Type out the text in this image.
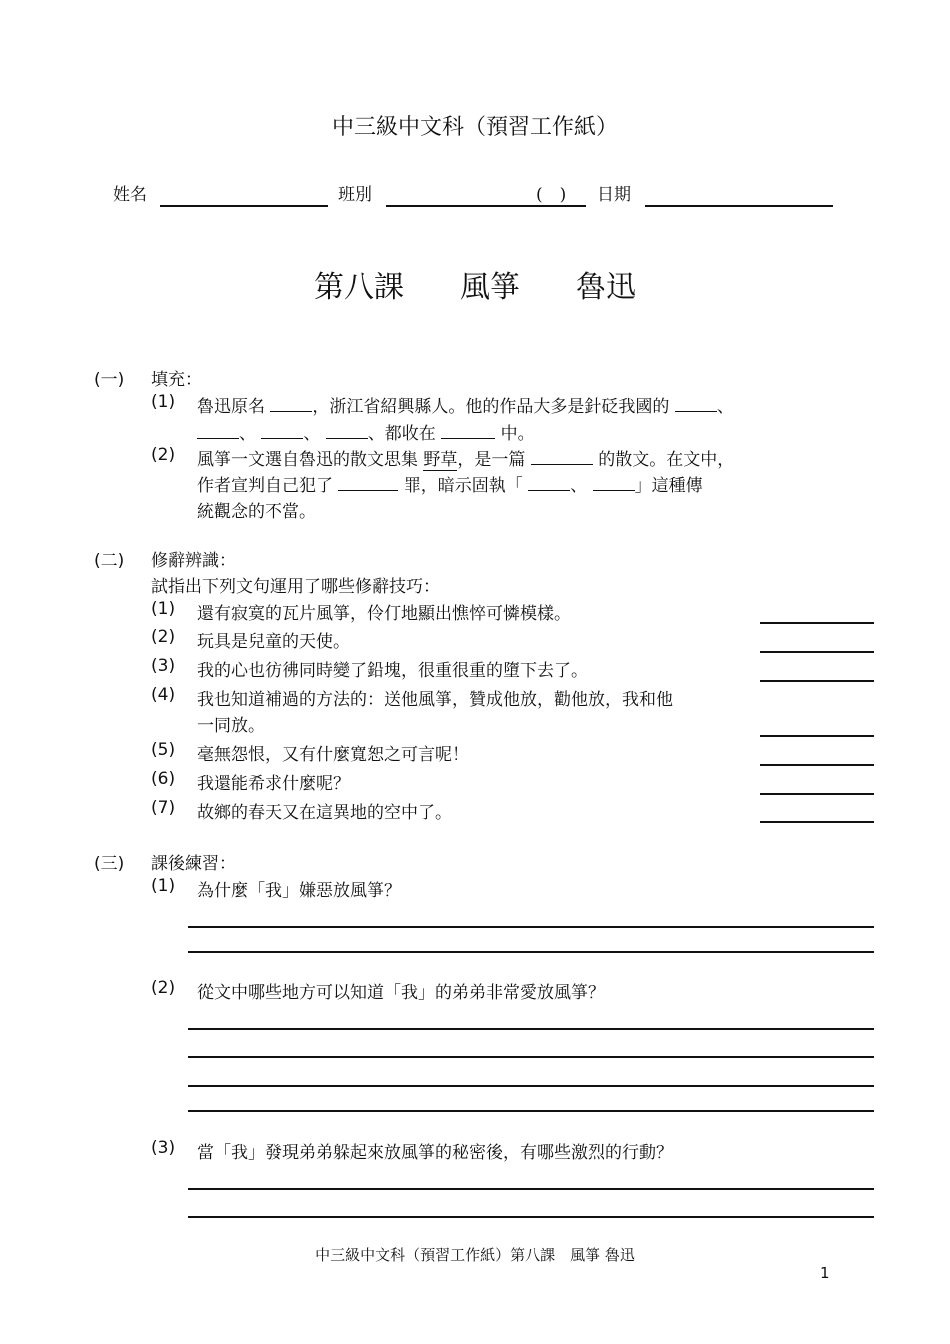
中三級中文科（預習工作紙）
姓名	班別	(　) 日期
第八課 風箏 魯迅
(一) 填充：
(1) 魯迅原名	，浙江省紹興縣人。他的作品大多是針砭我國的	、
、	、	、都收在	中。
(2) 風箏一文選自魯迅的散文思集 野草，是一篇	的散文。在文中，
作者宣判自己犯了	罪，暗示固執「	、	」這種傳
統觀念的不當。
(二) 修辭辨識：
試指出下列文句運用了哪些修辭技巧：
(1) 還有寂寞的瓦片風箏，伶仃地顯出憔悴可憐模樣。
(2) 玩具是兒童的天使。
(3) 我的心也彷彿同時變了鉛塊，很重很重的墮下去了。
(4) 我也知道補過的方法的：送他風箏，贊成他放，勸他放，我和他
一同放。
(5) 毫無怨恨，又有什麼寬恕之可言呢！
(6) 我還能希求什麼呢？
(7) 故鄉的春天又在這異地的空中了。
(三) 課後練習：
(1) 為什麼「我」嫌惡放風箏？
(2) 從文中哪些地方可以知道「我」的弟弟非常愛放風箏？
(3) 當「我」發現弟弟躲起來放風箏的秘密後，有哪些激烈的行動？
中三級中文科（預習工作紙）第八課　風箏 魯迅
1
